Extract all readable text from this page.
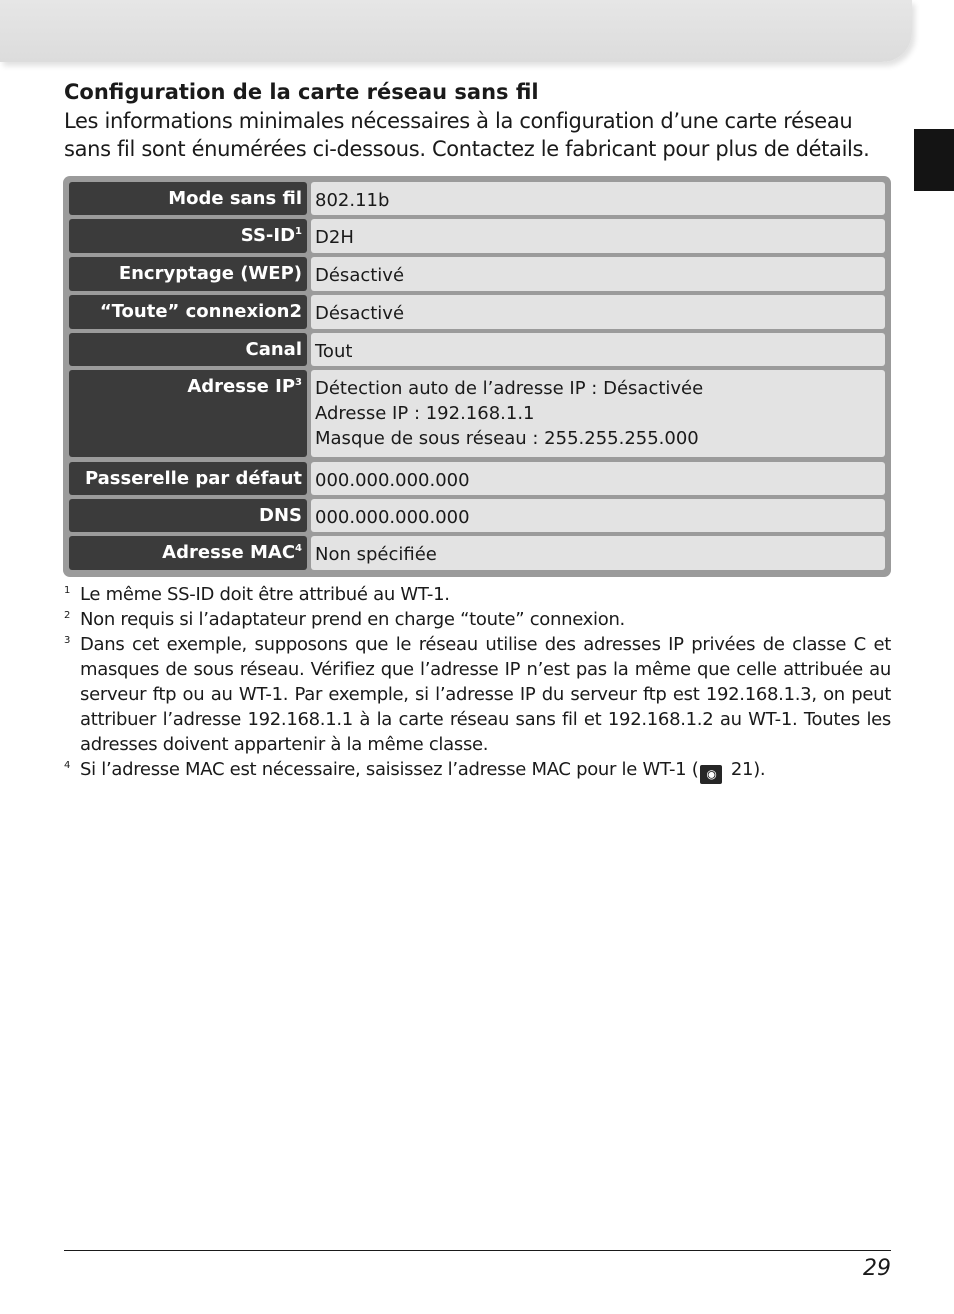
Configuration de la carte réseau sans fil

Les informations minimales nécessaires à la configuration d’une carte réseau sans fil sont énumérées ci-dessous. Contactez le fabricant pour plus de détails.

Mode sans fil 802.11b
$SS-ID^1$ D2H
Encryptage (WEP) Désactivé
“Toute” connexion2 Désactivé
Canal Tout
Adresse $IP^3$ Détection auto de l’adresse IP : Désactivée
Adresse IP : 192.168.1.1
Masque de sous réseau : 255.255.255.000
Passerelle par défaut 000.000.000.000
DNS 000.000.000.000
Adresse MAC$^4$ Non spécifiée
1 Le même SS-ID doit être attribué au WT-1.
2 Non requis si l’adaptateur prend en charge “toute” connexion.
3 Dans cet exemple, supposons que le réseau utilise des adresses IP privées de classe C et masques de sous réseau. Vérifiez que l’adresse IP n’est pas la même que celle attribuée au serveur ftp ou au WT-1. Par exemple, si l’adresse IP du serveur ftp est 192.168.1.3, on peut attribuer l’adresse 192.168.1.1 à la carte réseau sans fil et 192.168.1.2 au WT-1. Toutes les adresses doivent appartenir à la même classe.
4 Si l’adresse MAC est nécessaire, saisissez l’adresse MAC pour le WT-1 ( ◉ 21).
29
